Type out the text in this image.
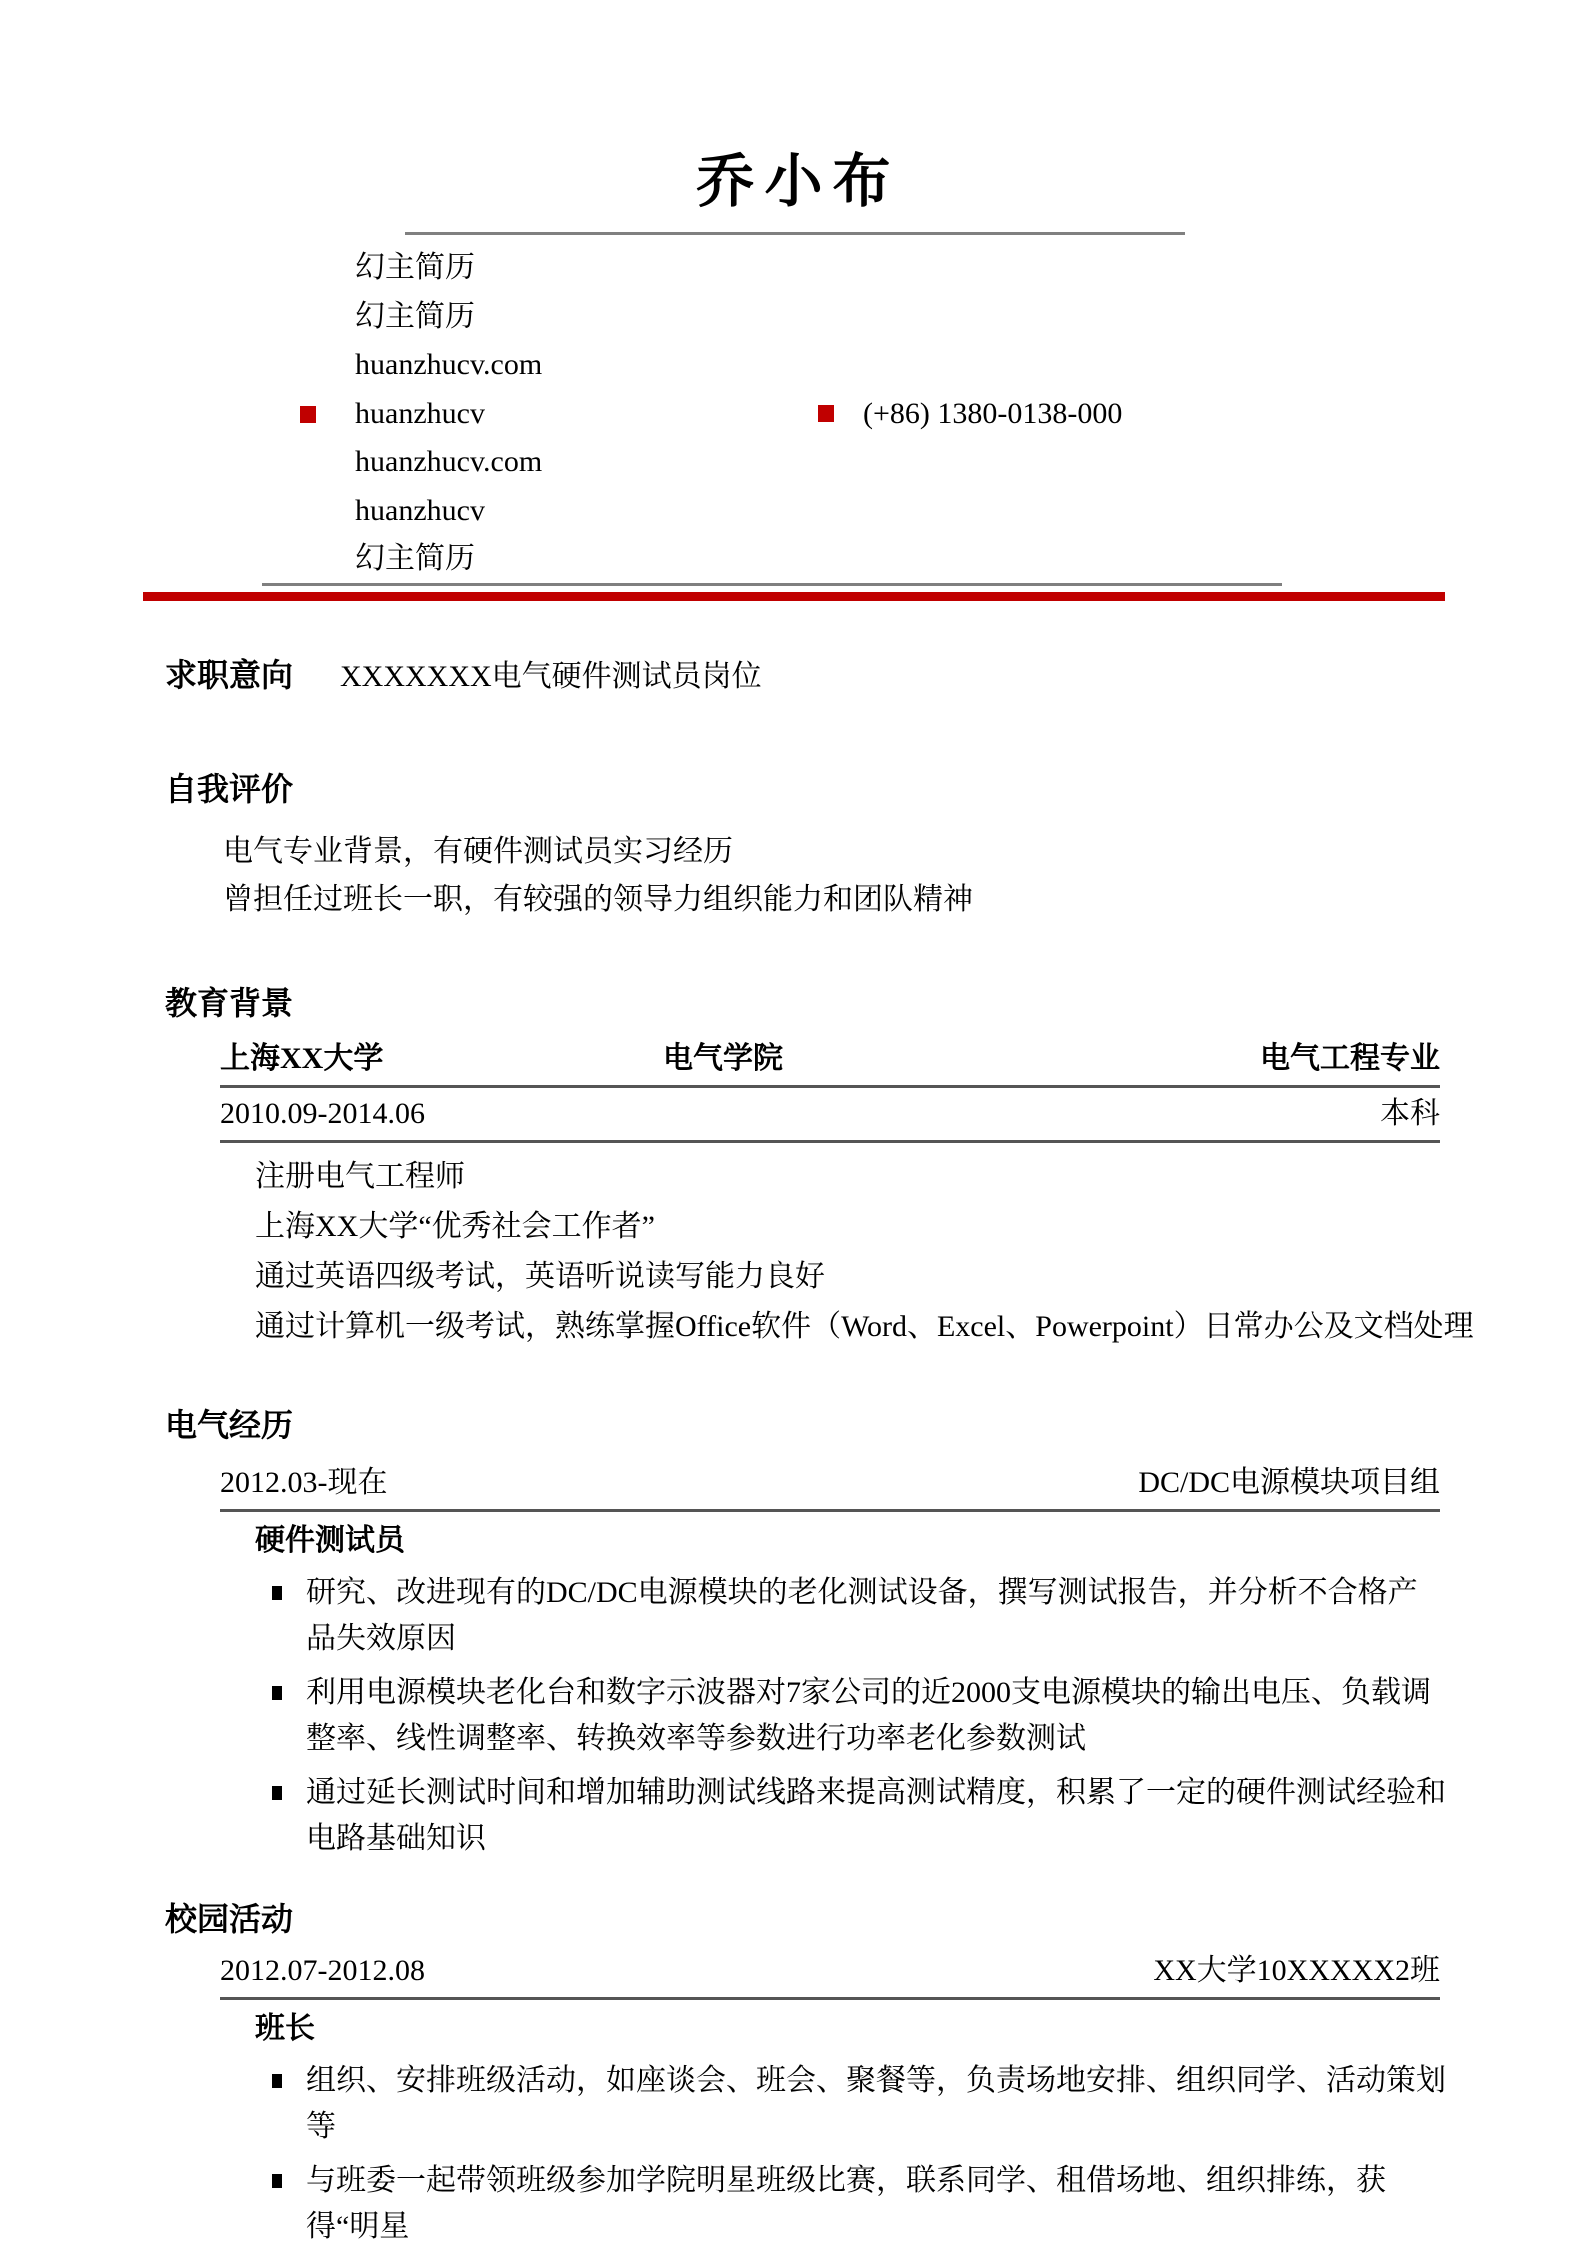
乔小布
幻主简历
幻主简历
huanzhucv.com
huanzhucv	(+86) 1380-0138-000
huanzhucv.com
huanzhucv
幻主简历
求职意向 XXXXXXX电气硬件测试员岗位
自我评价
电气专业背景，有硬件测试员实习经历
曾担任过班长一职，有较强的领导力组织能力和团队精神
教育背景
上海XX大学	电气学院	电气工程专业
2010.09-2014.06	本科
注册电气工程师
上海XX大学“优秀社会工作者”
通过英语四级考试，英语听说读写能力良好
通过计算机一级考试，熟练掌握Office软件（Word、Excel、Powerpoint）日常办公及文档处理
电气经历
2012.03-现在	DC/DC电源模块项目组
硬件测试员
研究、改进现有的DC/DC电源模块的老化测试设备，撰写测试报告，并分析不合格产品失效原因
利用电源模块老化台和数字示波器对7家公司的近2000支电源模块的输出电压、负载调整率、线性调整率、转换效率等参数进行功率老化参数测试
通过延长测试时间和增加辅助测试线路来提高测试精度，积累了一定的硬件测试经验和电路基础知识
校园活动
2012.07-2012.08	XX大学10XXXXX2班
班长
组织、安排班级活动，如座谈会、班会、聚餐等，负责场地安排、组织同学、活动策划等
与班委一起带领班级参加学院明星班级比赛，联系同学、租借场地、组织排练，获得“明星
